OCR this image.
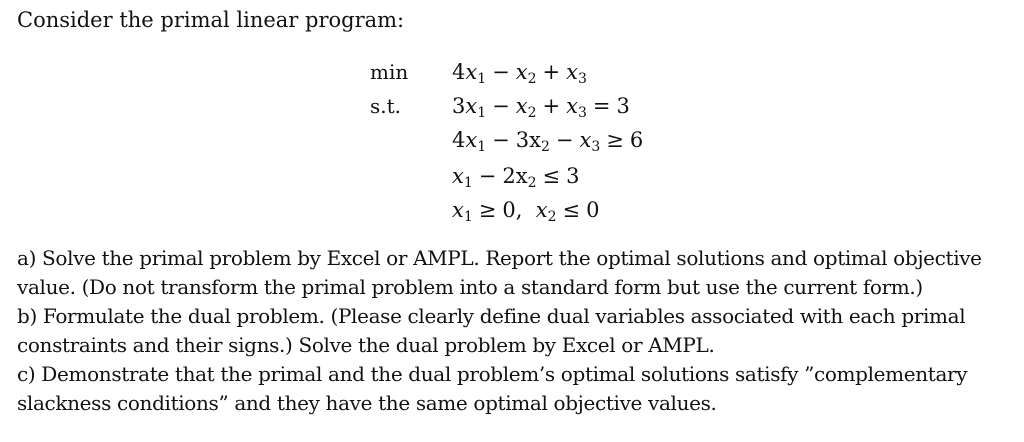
Consider the primal linear program:
min
s.t.
$4x_1 - x_2 + x_3$
$3x_1 - x_2 + x_3 = 3$
$4x_1 - 3x_2 - x_3 \ge 6$
$x_1 - 2x_2 \le 3$
$x_1 \ge 0$, $x_2 \le 0$
a) Solve the primal problem by Excel or AMPL. Report the optimal solutions and optimal objective
value. (Do not transform the primal problem into a standard form but use the current form.)
b) Formulate the dual problem. (Please clearly define dual variables associated with each primal
constraints and their signs.) Solve the dual problem by Excel or AMPL.
c) Demonstrate that the primal and the dual problem’s optimal solutions satisfy ”complementary
slackness conditions” and they have the same optimal objective values.
